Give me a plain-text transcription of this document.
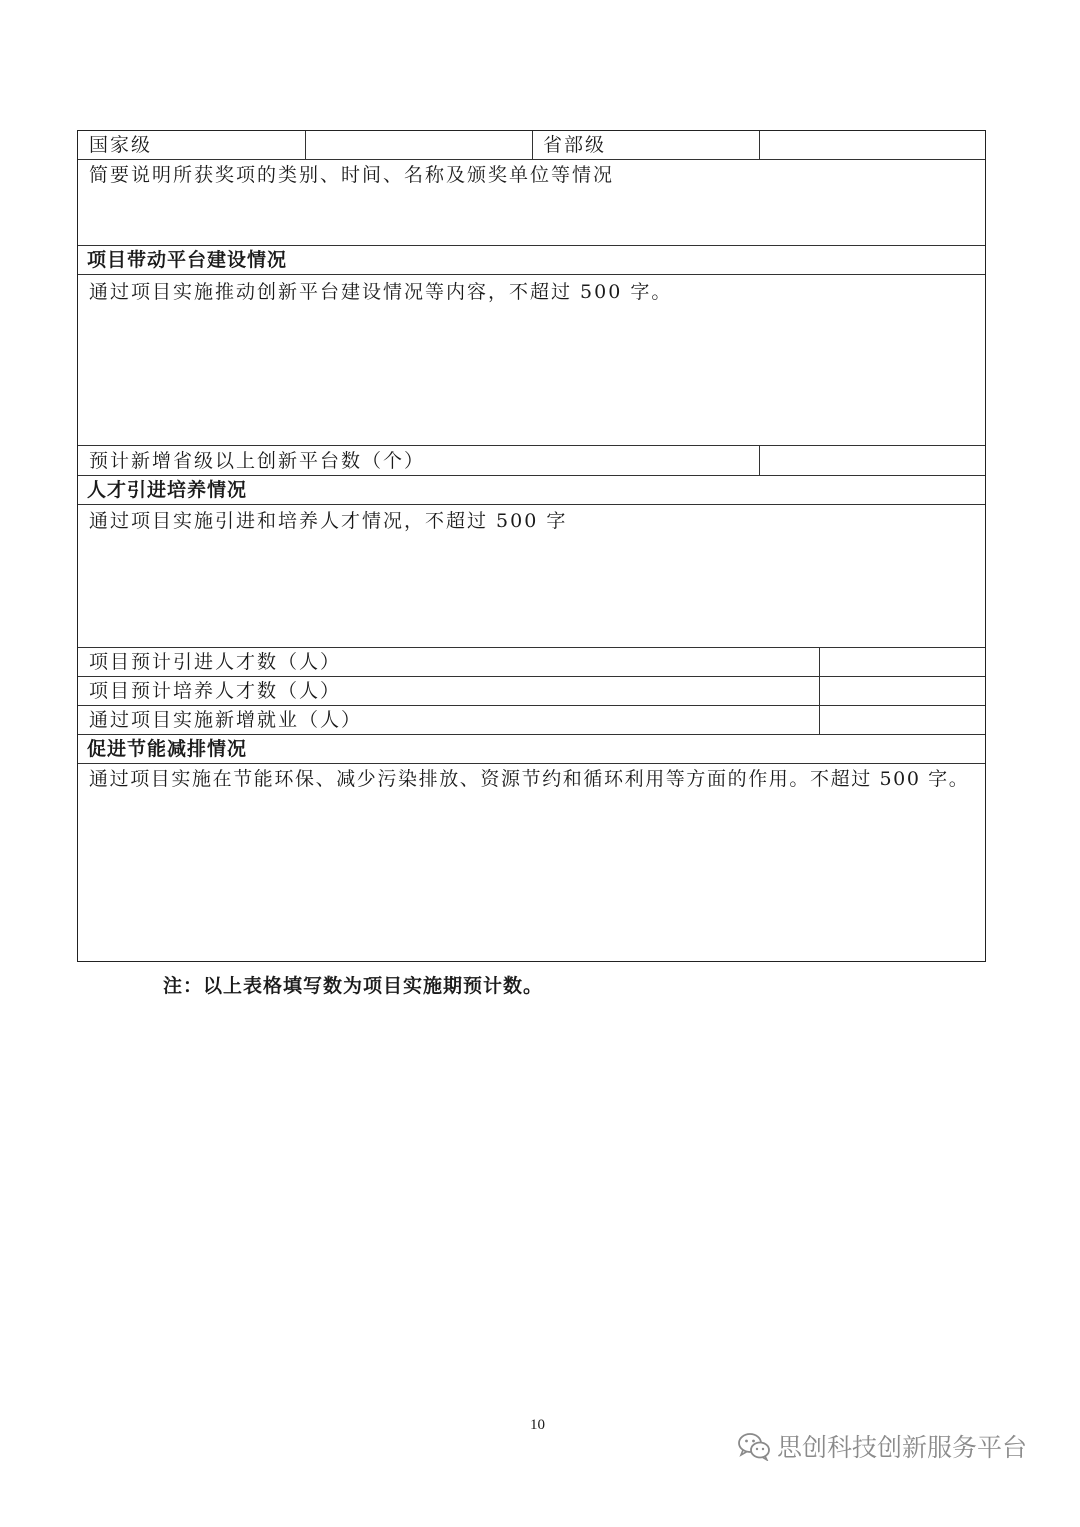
国家级	省部级
简要说明所获奖项的类别、时间、名称及颁奖单位等情况
项目带动平台建设情况
通过项目实施推动创新平台建设情况等内容，不超过 500 字。
预计新增省级以上创新平台数（个）
人才引进培养情况
通过项目实施引进和培养人才情况，不超过 500 字
项目预计引进人才数（人）
项目预计培养人才数（人）
通过项目实施新增就业（人）
促进节能减排情况
通过项目实施在节能环保、减少污染排放、资源节约和循环利用等方面的作用。不超过 500 字。
注：以上表格填写数为项目实施期预计数。
10
思创科技创新服务平台
